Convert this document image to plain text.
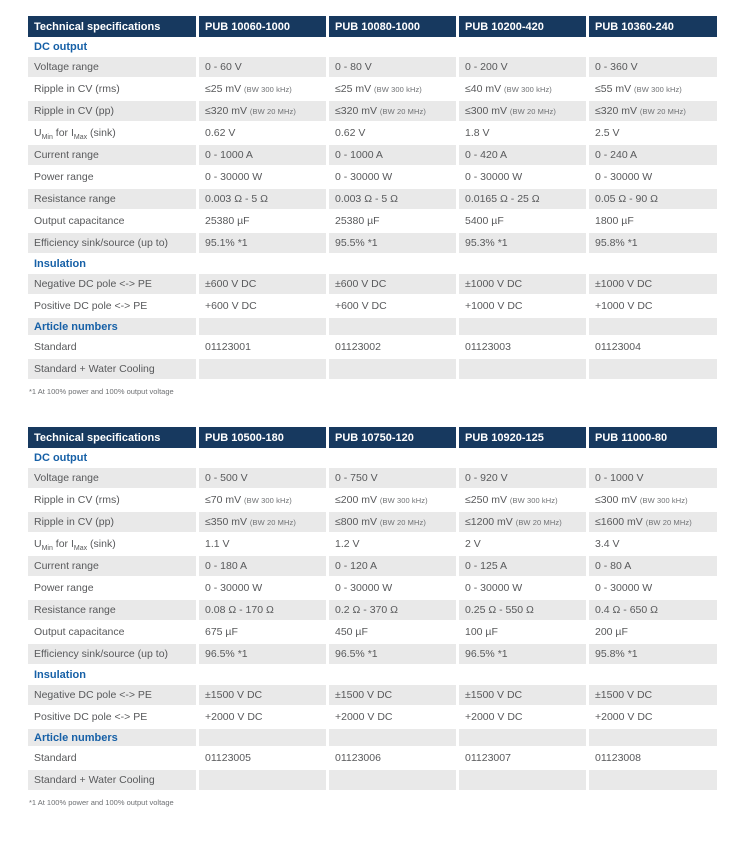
Technical specifications	PUB 10060-1000	PUB 10080-1000	PUB 10200-420	PUB 10360-240
DC output				
Voltage range	0 - 60 V	0 - 80 V	0 - 200 V	0 - 360 V
Ripple in CV (rms)	≤25 mV (BW 300 kHz)	≤25 mV (BW 300 kHz)	≤40 mV (BW 300 kHz)	≤55 mV (BW 300 kHz)
Ripple in CV (pp)	≤320 mV (BW 20 MHz)	≤320 mV (BW 20 MHz)	≤300 mV (BW 20 MHz)	≤320 mV (BW 20 MHz)
$U_{Min}$ for $I_{Max}$ (sink)	0.62 V	0.62 V	1.8 V	2.5 V
Current range	0 - 1000 A	0 - 1000 A	0 - 420 A	0 - 240 A
Power range	0 - 30000 W	0 - 30000 W	0 - 30000 W	0 - 30000 W
Resistance range	0.003 Ω - 5 Ω	0.003 Ω - 5 Ω	0.0165 Ω - 25 Ω	0.05 Ω - 90 Ω
Output capacitance	25380 µF	25380 µF	5400 µF	1800 µF
Efficiency sink/source (up to)	95.1% *1	95.5% *1	95.3% *1	95.8% *1
Insulation				
Negative DC pole <-> PE	±600 V DC	±600 V DC	±1000 V DC	±1000 V DC
Positive DC pole <-> PE	+600 V DC	+600 V DC	+1000 V DC	+1000 V DC
Article numbers				
Standard	01123001	01123002	01123003	01123004
Standard + Water Cooling				
*1 At 100% power and 100% output voltage
Technical specifications	PUB 10500-180	PUB 10750-120	PUB 10920-125	PUB 11000-80
DC output				
Voltage range	0 - 500 V	0 - 750 V	0 - 920 V	0 - 1000 V
Ripple in CV (rms)	≤70 mV (BW 300 kHz)	≤200 mV (BW 300 kHz)	≤250 mV (BW 300 kHz)	≤300 mV (BW 300 kHz)
Ripple in CV (pp)	≤350 mV (BW 20 MHz)	≤800 mV (BW 20 MHz)	≤1200 mV (BW 20 MHz)	≤1600 mV (BW 20 MHz)
$U_{Min}$ for $I_{Max}$ (sink)	1.1 V	1.2 V	2 V	3.4 V
Current range	0 - 180 A	0 - 120 A	0 - 125 A	0 - 80 A
Power range	0 - 30000 W	0 - 30000 W	0 - 30000 W	0 - 30000 W
Resistance range	0.08 Ω - 170 Ω	0.2 Ω - 370 Ω	0.25 Ω - 550 Ω	0.4 Ω - 650 Ω
Output capacitance	675 µF	450 µF	100 µF	200 µF
Efficiency sink/source (up to)	96.5% *1	96.5% *1	96.5% *1	95.8% *1
Insulation				
Negative DC pole <-> PE	±1500 V DC	±1500 V DC	±1500 V DC	±1500 V DC
Positive DC pole <-> PE	+2000 V DC	+2000 V DC	+2000 V DC	+2000 V DC
Article numbers				
Standard	01123005	01123006	01123007	01123008
Standard + Water Cooling				
*1 At 100% power and 100% output voltage
